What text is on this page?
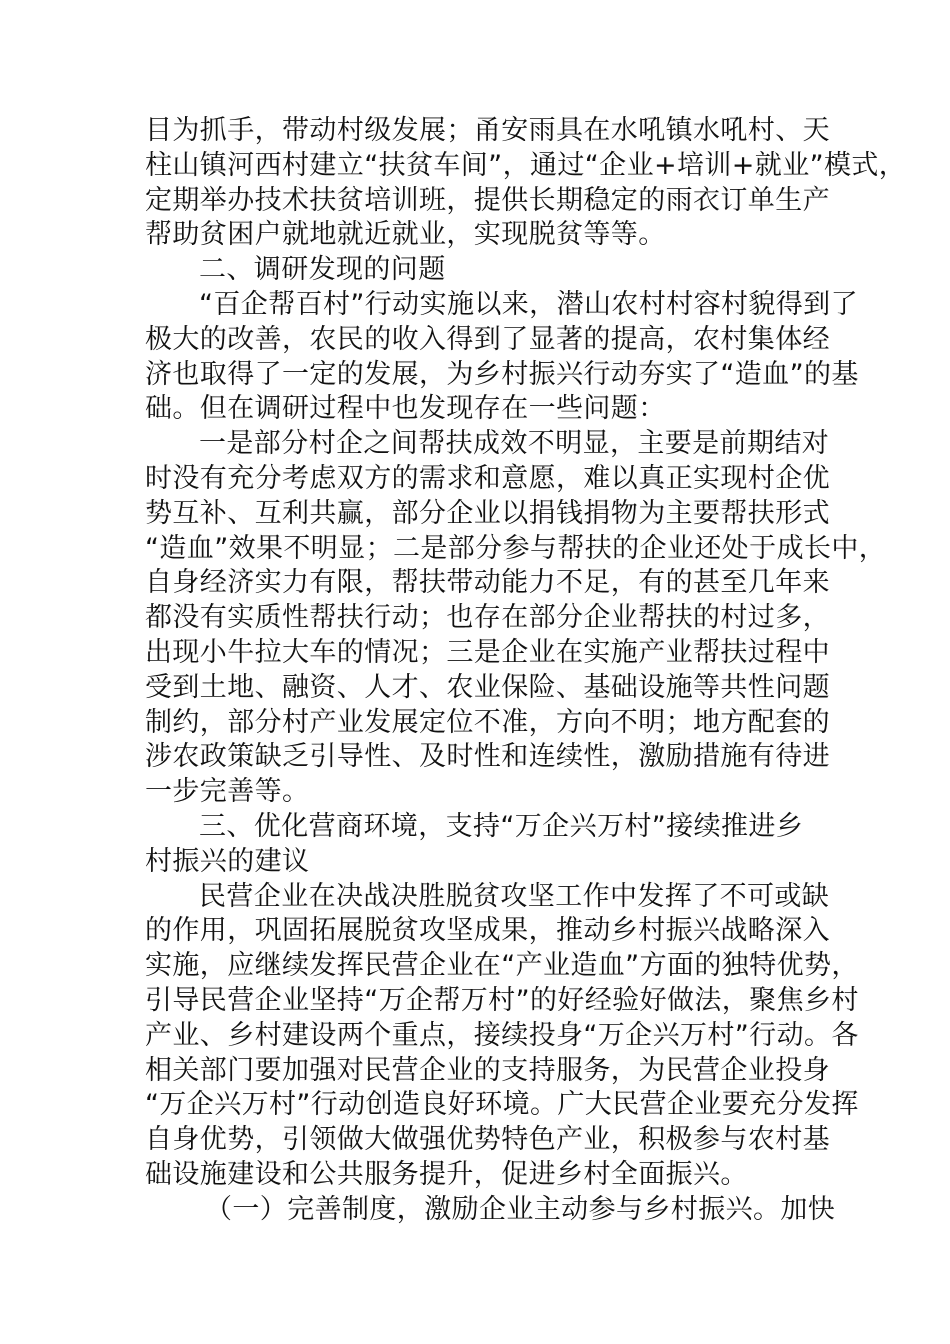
目为抓手，带动村级发展；甬安雨具在水吼镇水吼村、天
柱山镇河西村建立“扶贫车间”，通过“企业+培训+就业”模式，
定期举办技术扶贫培训班，提供长期稳定的雨衣订单生产
帮助贫困户就地就近就业，实现脱贫等等。
二、调研发现的问题
“百企帮百村”行动实施以来，潜山农村村容村貌得到了
极大的改善，农民的收入得到了显著的提高，农村集体经
济也取得了一定的发展，为乡村振兴行动夯实了“造血”的基
础。但在调研过程中也发现存在一些问题：
一是部分村企之间帮扶成效不明显，主要是前期结对
时没有充分考虑双方的需求和意愿，难以真正实现村企优
势互补、互利共赢，部分企业以捐钱捐物为主要帮扶形式
“造血”效果不明显；二是部分参与帮扶的企业还处于成长中，
自身经济实力有限，帮扶带动能力不足，有的甚至几年来
都没有实质性帮扶行动；也存在部分企业帮扶的村过多，
出现小牛拉大车的情况；三是企业在实施产业帮扶过程中
受到土地、融资、人才、农业保险、基础设施等共性问题
制约，部分村产业发展定位不准，方向不明；地方配套的
涉农政策缺乏引导性、及时性和连续性，激励措施有待进
一步完善等。
三、优化营商环境，支持“万企兴万村”接续推进乡
村振兴的建议
民营企业在决战决胜脱贫攻坚工作中发挥了不可或缺
的作用，巩固拓展脱贫攻坚成果，推动乡村振兴战略深入
实施，应继续发挥民营企业在“产业造血”方面的独特优势，
引导民营企业坚持“万企帮万村”的好经验好做法，聚焦乡村
产业、乡村建设两个重点，接续投身“万企兴万村”行动。各
相关部门要加强对民营企业的支持服务，为民营企业投身
“万企兴万村”行动创造良好环境。广大民营企业要充分发挥
自身优势，引领做大做强优势特色产业，积极参与农村基
础设施建设和公共服务提升，促进乡村全面振兴。
（一）完善制度，激励企业主动参与乡村振兴。加快
